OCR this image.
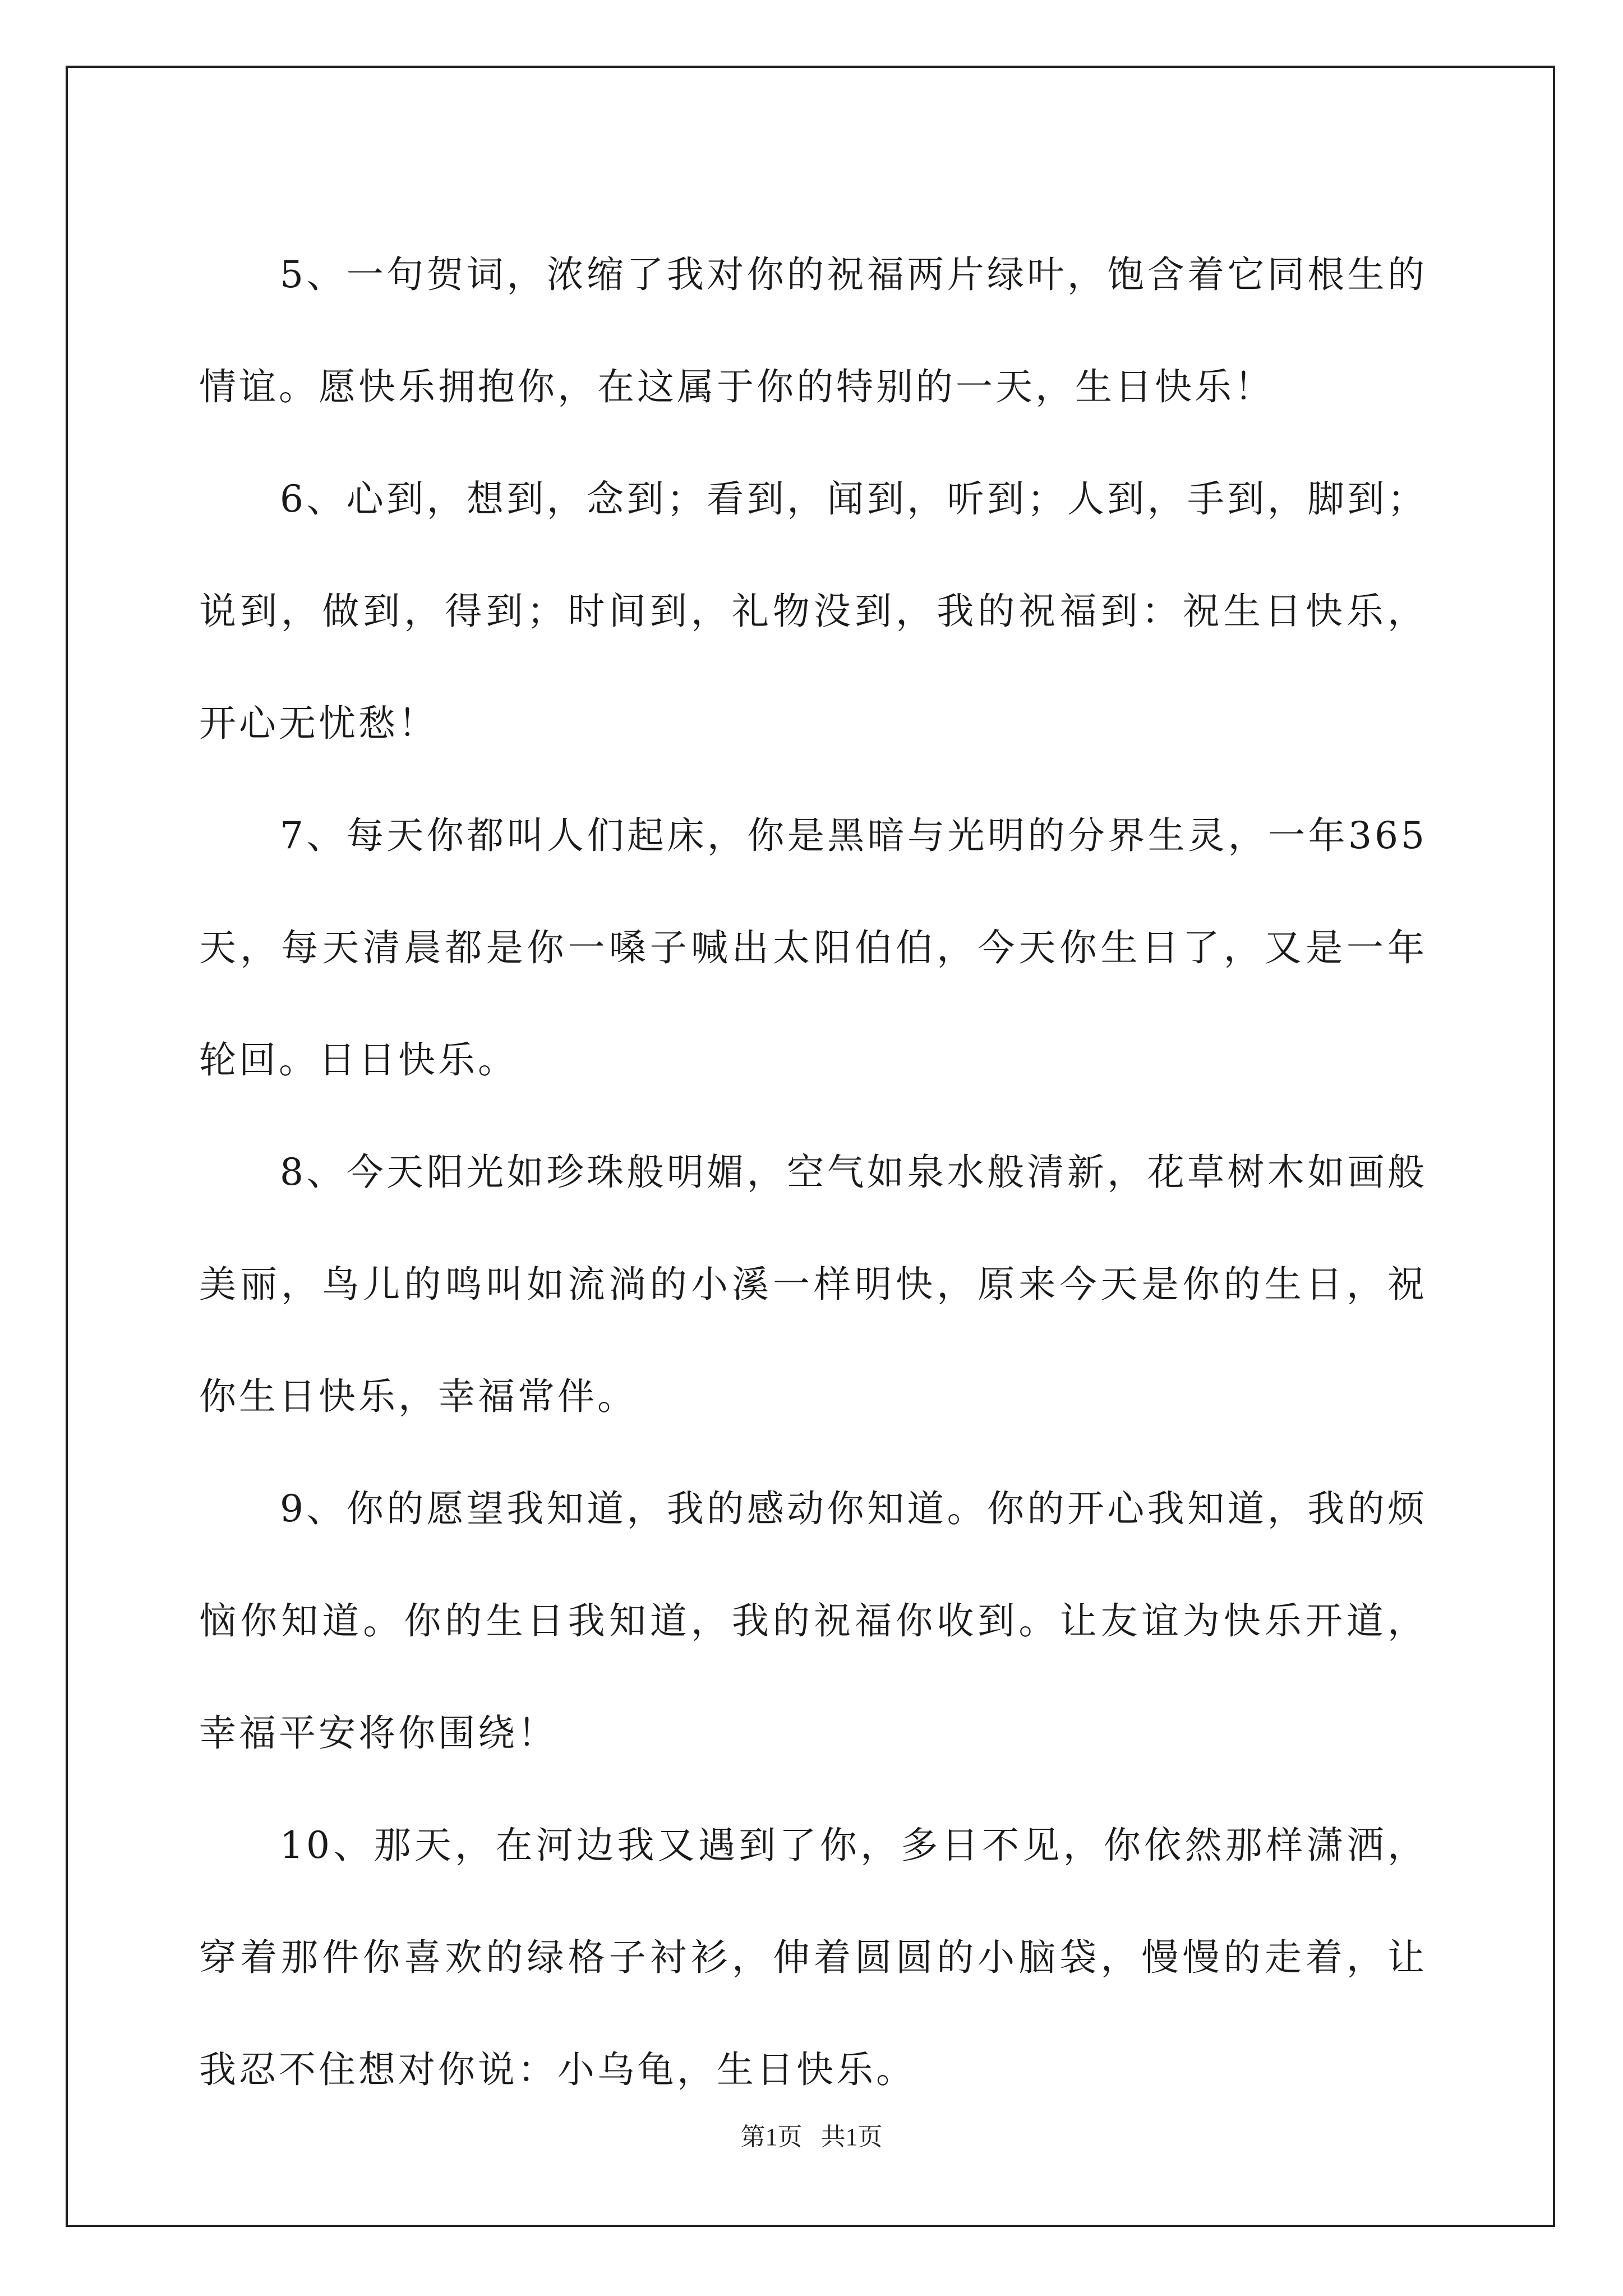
5、一句贺词，浓缩了我对你的祝福两片绿叶，饱含着它同根生的情谊。愿快乐拥抱你，在这属于你的特别的一天，生日快乐！

6、心到，想到，念到；看到，闻到，听到；人到，手到，脚到；说到，做到，得到；时间到，礼物没到，我的祝福到：祝生日快乐，开心无忧愁！

7、每天你都叫人们起床，你是黑暗与光明的分界生灵，一年365天，每天清晨都是你一嗓子喊出太阳伯伯，今天你生日了，又是一年轮回。日日快乐。

8、今天阳光如珍珠般明媚，空气如泉水般清新，花草树木如画般美丽，鸟儿的鸣叫如流淌的小溪一样明快，原来今天是你的生日，祝你生日快乐，幸福常伴。

9、你的愿望我知道，我的感动你知道。你的开心我知道，我的烦恼你知道。你的生日我知道，我的祝福你收到。让友谊为快乐开道，幸福平安将你围绕！

10、那天，在河边我又遇到了你，多日不见，你依然那样潇洒，穿着那件你喜欢的绿格子衬衫，伸着圆圆的小脑袋，慢慢的走着，让我忍不住想对你说：小乌龟，生日快乐。

第1页   共1页
